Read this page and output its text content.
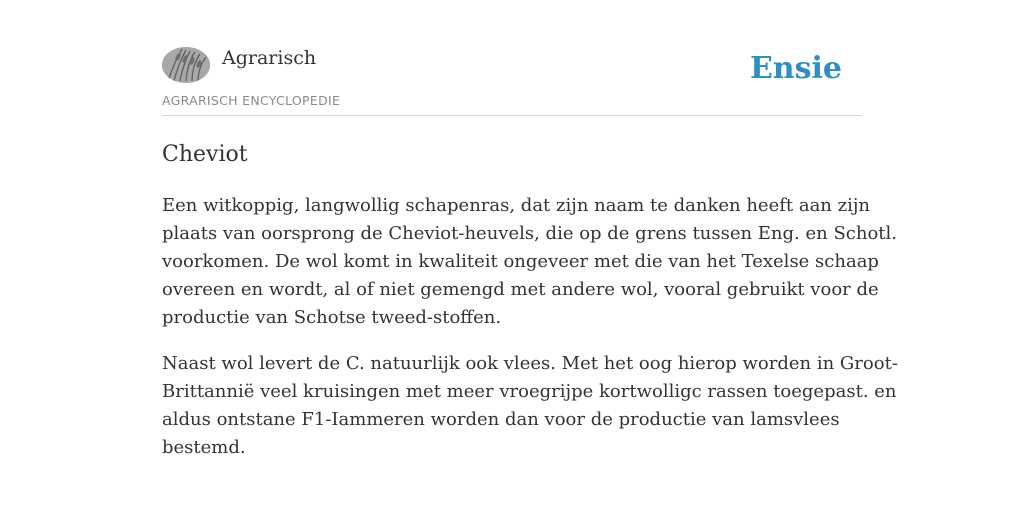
Agrarisch
AGRARISCH ENCYCLOPEDIE
Ensie
Cheviot

Een witkoppig, langwollig schapenras, dat zijn naam te danken heeft aan zijn
plaats van oorsprong de Cheviot-heuvels, die op de grens tussen Eng. en Schotl.
voorkomen. De wol komt in kwaliteit ongeveer met die van het Texelse schaap
overeen en wordt, al of niet gemengd met andere wol, vooral gebruikt voor de
productie van Schotse tweed-stoffen.

Naast wol levert de C. natuurlijk ook vlees. Met het oog hierop worden in Groot-
Brittannië veel kruisingen met meer vroegrijpe kortwolligc rassen toegepast. en
aldus ontstane F1-Iammeren worden dan voor de productie van lamsvlees
bestemd.
